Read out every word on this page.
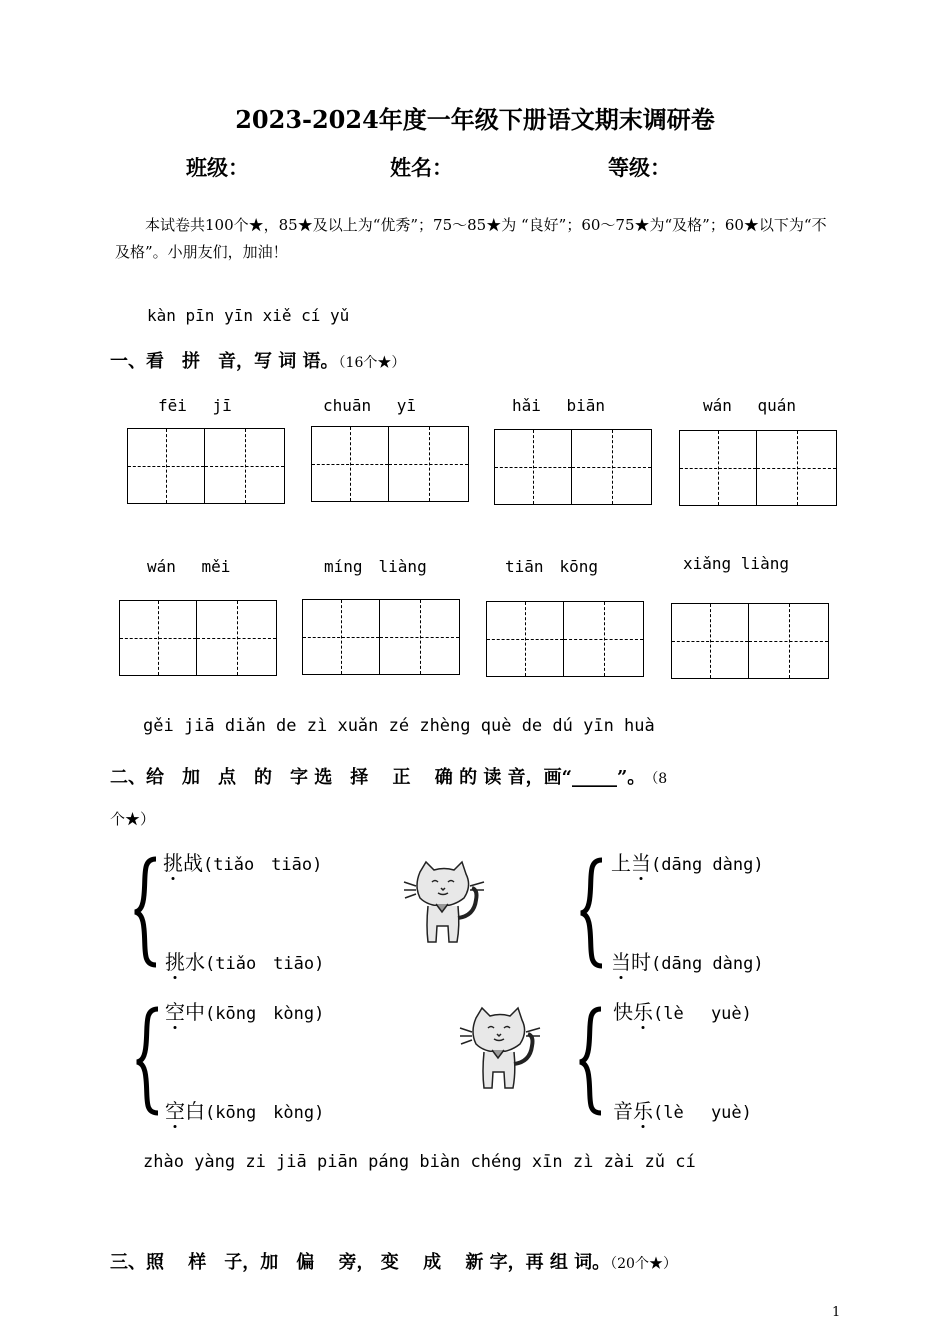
2023-2024年度一年级下册语文期末调研卷
班级：	姓名：	等级：
本试卷共100个★，85★及以上为“优秀”；75～85★为 “良好”；60～75★为“及格”；60★以下为“不及格”。小朋友们，加油！
kàn pīn yīn xiě cí yǔ
一、看　拼　音，写 词 语。（16个★）
fēi　 jī	chuān　 yī	hǎi　 biān	wán　 quán
wán　 měi	míng　liàng	tiān　kōng	xiǎng liàng
gěi jiā diǎn de zì xuǎn zé zhèng què de dú yīn huà
二、给　加　点　的　字 选　择　 正　 确 的 读 音，画“_____”。 （8
个★）
挑战(tiǎo　tiāo)
挑水(tiǎo　tiāo)
上当(dāng dàng)
当时(dāng dàng)
空中(kōng　kòng)
空白(kōng　kòng)
快乐(lè　 yuè)
音乐(lè　 yuè)
zhào yàng zi jiā piān páng biàn chéng xīn zì zài zǔ cí
三、照　 样　子，加　偏　 旁， 变　 成　 新 字，再 组 词。（20个★）
1
